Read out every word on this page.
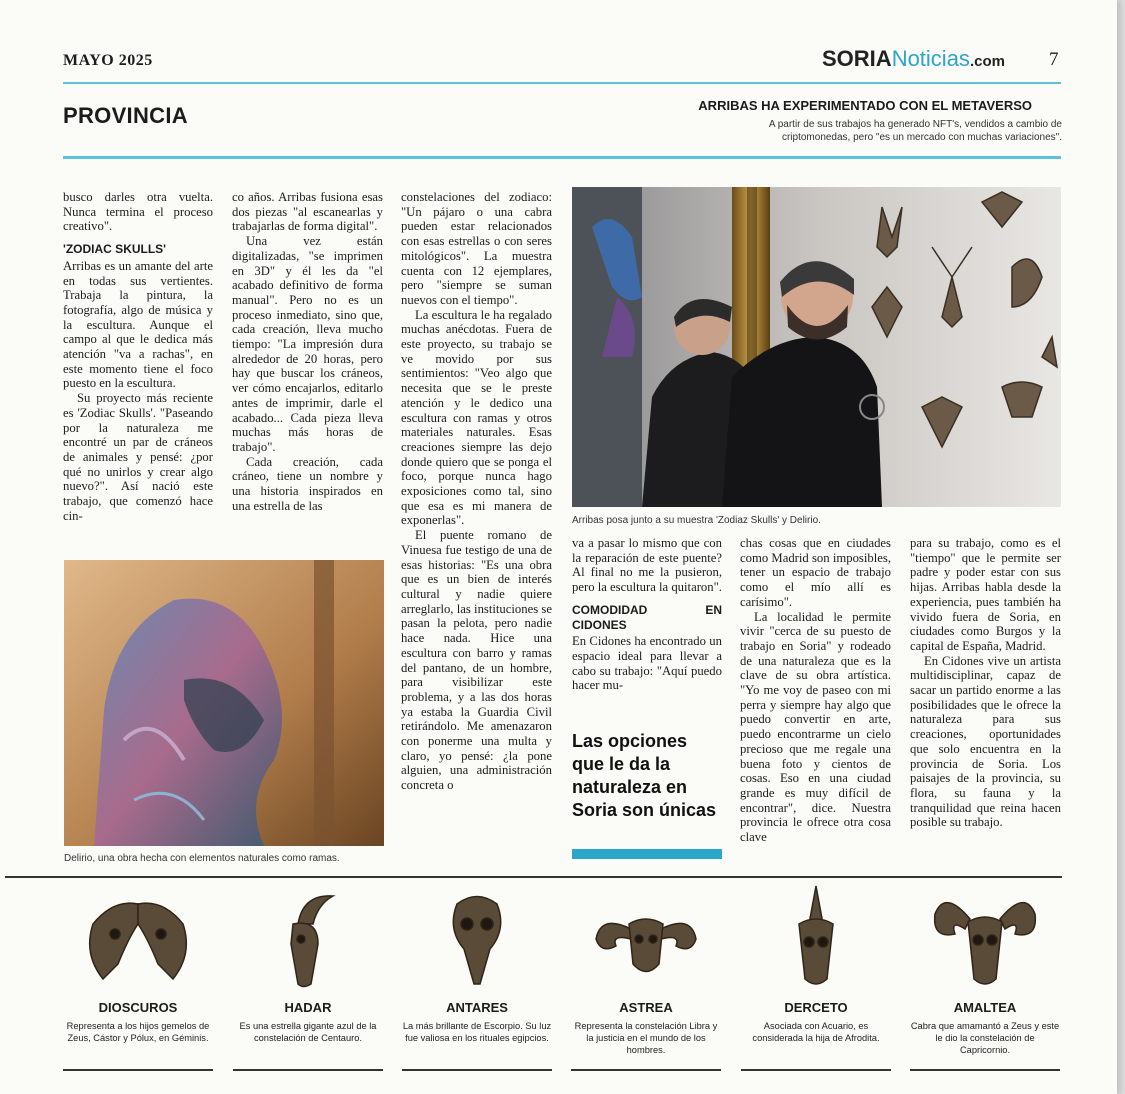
MAYO 2025	SORIANoticias.com 7
PROVINCIA	ARRIBAS HA EXPERIMENTADO CON EL METAVERSO
A partir de sus trabajos ha generado NFT's, vendidos a cambio de criptomonedas, pero "es un mercado con muchas variaciones".

busco darles otra vuelta. Nunca termina el proceso creativo".

'ZODIAC SKULLS'

Arribas es un amante del arte en todas sus vertientes. Trabaja la pintura, la fotografía, algo de música y la escultura. Aunque el campo al que le dedica más atención "va a rachas", en este momento tiene el foco puesto en la escultura.

Su proyecto más reciente es 'Zodiac Skulls'. "Paseando por la naturaleza me encontré un par de cráneos de animales y pensé: ¿por qué no unirlos y crear algo nuevo?". Así nació este trabajo, que comenzó hace cin-

co años. Arribas fusiona esas dos piezas "al escanearlas y trabajarlas de forma digital".

Una vez están digitalizadas, "se imprimen en 3D" y él les da "el acabado definitivo de forma manual". Pero no es un proceso inmediato, sino que, cada creación, lleva mucho tiempo: "La impresión dura alrededor de 20 horas, pero hay que buscar los cráneos, ver cómo encajarlos, editarlo antes de imprimir, darle el acabado... Cada pieza lleva muchas más horas de trabajo".

Cada creación, cada cráneo, tiene un nombre y una historia inspirados en una estrella de las

constelaciones del zodiaco: "Un pájaro o una cabra pueden estar relacionados con esas estrellas o con seres mitológicos". La muestra cuenta con 12 ejemplares, pero "siempre se suman nuevos con el tiempo".

La escultura le ha regalado muchas anécdotas. Fuera de este proyecto, su trabajo se ve movido por sus sentimientos: "Veo algo que necesita que se le preste atención y le dedico una escultura con ramas y otros materiales naturales. Esas creaciones siempre las dejo donde quiero que se ponga el foco, porque nunca hago exposiciones como tal, sino que esa es mi manera de exponerlas".

El puente romano de Vinuesa fue testigo de una de esas historias: "Es una obra que es un bien de interés cultural y nadie quiere arreglarlo, las instituciones se pasan la pelota, pero nadie hace nada. Hice una escultura con barro y ramas del pantano, de un hombre, para visibilizar este problema, y a las dos horas ya estaba la Guardia Civil retirándolo. Me amenazaron con ponerme una multa y claro, yo pensé: ¿la pone alguien, una administración concreta o

Arribas posa junto a su muestra 'Zodiaz Skulls' y Delirio.
Delirio, una obra hecha con elementos naturales como ramas.

va a pasar lo mismo que con la reparación de este puente? Al final no me la pusieron, pero la escultura la quitaron".

COMODIDAD EN CIDONES

En Cidones ha encontrado un espacio ideal para llevar a cabo su trabajo: "Aquí puedo hacer mu-

Las opciones que le da la naturaleza en Soria son únicas

chas cosas que en ciudades como Madrid son imposibles, tener un espacio de trabajo como el mío allí es carísimo".

La localidad le permite vivir "cerca de su puesto de trabajo en Soria" y rodeado de una naturaleza que es la clave de su obra artística. "Yo me voy de paseo con mi perra y siempre hay algo que puedo convertir en arte, puedo encontrarme un cielo precioso que me regale una buena foto y cientos de cosas. Eso en una ciudad grande es muy difícil de encontrar", dice. Nuestra provincia le ofrece otra cosa clave

para su trabajo, como es el "tiempo" que le permite ser padre y poder estar con sus hijas. Arribas habla desde la experiencia, pues también ha vivido fuera de Soria, en ciudades como Burgos y la capital de España, Madrid.

En Cidones vive un artista multidisciplinar, capaz de sacar un partido enorme a las posibilidades que le ofrece la naturaleza para sus creaciones, oportunidades que solo encuentra en la provincia de Soria. Los paisajes de la provincia, su flora, su fauna y la tranquilidad que reina hacen posible su trabajo.

DIOSCUROS
Representa a los hijos gemelos de Zeus, Cástor y Pólux, en Géminis.
HADAR
Es una estrella gigante azul de la constelación de Centauro.
ANTARES
La más brillante de Escorpio. Su luz fue valiosa en los rituales egipcios.
ASTREA
Representa la constelación Libra y la justicia en el mundo de los hombres.
DERCETO
Asociada con Acuario, es considerada la hija de Afrodita.
AMALTEA
Cabra que amamantó a Zeus y este le dio la constelación de Capricornio.
